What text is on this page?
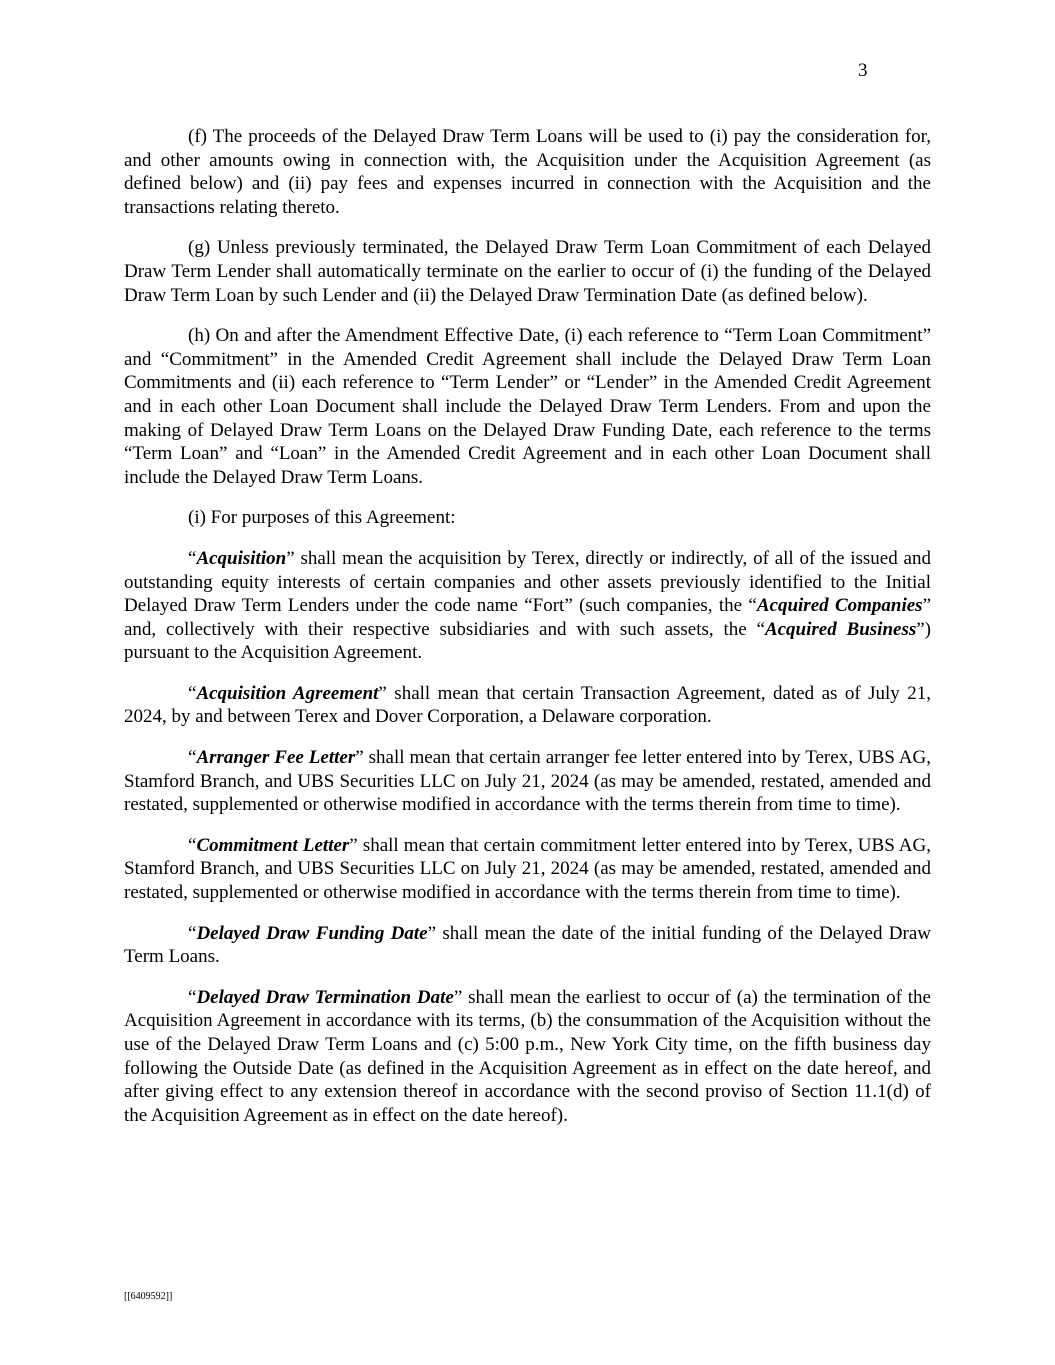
3

(f) The proceeds of the Delayed Draw Term Loans will be used to (i) pay the consideration for, and other amounts owing in connection with, the Acquisition under the Acquisition Agreement (as defined below) and (ii) pay fees and expenses incurred in connection with the Acquisition and the transactions relating thereto.

(g) Unless previously terminated, the Delayed Draw Term Loan Commitment of each Delayed Draw Term Lender shall automatically terminate on the earlier to occur of (i) the funding of the Delayed Draw Term Loan by such Lender and (ii) the Delayed Draw Termination Date (as defined below).

(h) On and after the Amendment Effective Date, (i) each reference to “Term Loan Commitment” and “Commitment” in the Amended Credit Agreement shall include the Delayed Draw Term Loan Commitments and (ii) each reference to “Term Lender” or “Lender” in the Amended Credit Agreement and in each other Loan Document shall include the Delayed Draw Term Lenders. From and upon the making of Delayed Draw Term Loans on the Delayed Draw Funding Date, each reference to the terms “Term Loan” and “Loan” in the Amended Credit Agreement and in each other Loan Document shall include the Delayed Draw Term Loans.

(i) For purposes of this Agreement:

“Acquisition” shall mean the acquisition by Terex, directly or indirectly, of all of the issued and outstanding equity interests of certain companies and other assets previously identified to the Initial Delayed Draw Term Lenders under the code name “Fort” (such companies, the “Acquired Companies” and, collectively with their respective subsidiaries and with such assets, the “Acquired Business”) pursuant to the Acquisition Agreement.

“Acquisition Agreement” shall mean that certain Transaction Agreement, dated as of July 21, 2024, by and between Terex and Dover Corporation, a Delaware corporation.

“Arranger Fee Letter” shall mean that certain arranger fee letter entered into by Terex, UBS AG, Stamford Branch, and UBS Securities LLC on July 21, 2024 (as may be amended, restated, amended and restated, supplemented or otherwise modified in accordance with the terms therein from time to time).

“Commitment Letter” shall mean that certain commitment letter entered into by Terex, UBS AG, Stamford Branch, and UBS Securities LLC on July 21, 2024 (as may be amended, restated, amended and restated, supplemented or otherwise modified in accordance with the terms therein from time to time).

“Delayed Draw Funding Date” shall mean the date of the initial funding of the Delayed Draw Term Loans.

“Delayed Draw Termination Date” shall mean the earliest to occur of (a) the termination of the Acquisition Agreement in accordance with its terms, (b) the consummation of the Acquisition without the use of the Delayed Draw Term Loans and (c) 5:00 p.m., New York City time, on the fifth business day following the Outside Date (as defined in the Acquisition Agreement as in effect on the date hereof, and after giving effect to any extension thereof in accordance with the second proviso of Section 11.1(d) of the Acquisition Agreement as in effect on the date hereof).

[[6409592]]
